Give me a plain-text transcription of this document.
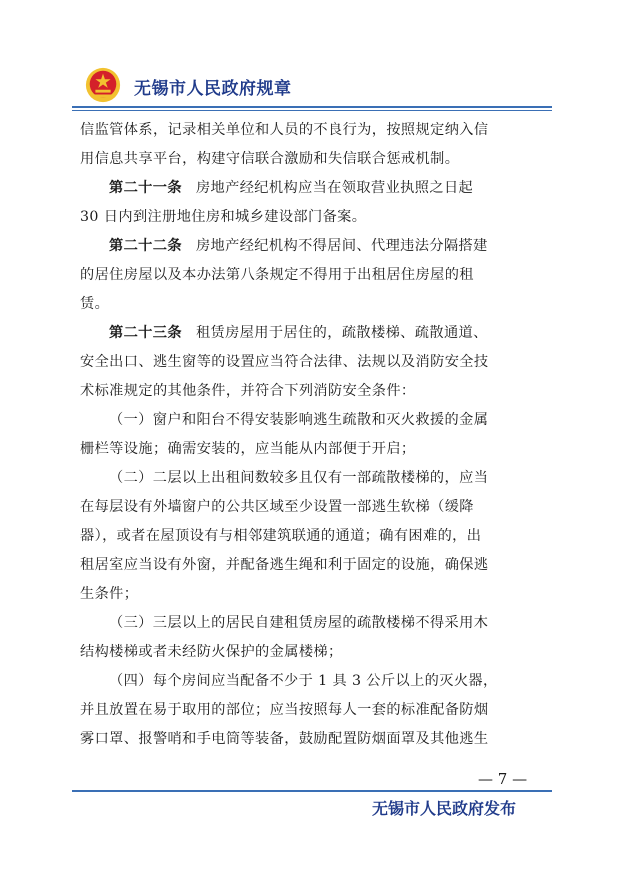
无锡市人民政府规章
信监管体系，记录相关单位和人员的不良行为，按照规定纳入信
用信息共享平台，构建守信联合激励和失信联合惩戒机制。
第二十一条 房地产经纪机构应当在领取营业执照之日起
30 日内到注册地住房和城乡建设部门备案。
第二十二条 房地产经纪机构不得居间、代理违法分隔搭建
的居住房屋以及本办法第八条规定不得用于出租居住房屋的租
赁。
第二十三条 租赁房屋用于居住的，疏散楼梯、疏散通道、
安全出口、逃生窗等的设置应当符合法律、法规以及消防安全技
术标准规定的其他条件，并符合下列消防安全条件：
（一）窗户和阳台不得安装影响逃生疏散和灭火救援的金属
栅栏等设施；确需安装的，应当能从内部便于开启；
（二）二层以上出租间数较多且仅有一部疏散楼梯的，应当
在每层设有外墙窗户的公共区域至少设置一部逃生软梯（缓降
器），或者在屋顶设有与相邻建筑联通的通道；确有困难的，出
租居室应当设有外窗，并配备逃生绳和利于固定的设施，确保逃
生条件；
（三）三层以上的居民自建租赁房屋的疏散楼梯不得采用木
结构楼梯或者未经防火保护的金属楼梯；
（四）每个房间应当配备不少于 1 具 3 公斤以上的灭火器，
并且放置在易于取用的部位；应当按照每人一套的标准配备防烟
雾口罩、报警哨和手电筒等装备，鼓励配置防烟面罩及其他逃生
— 7 —
无锡市人民政府发布
